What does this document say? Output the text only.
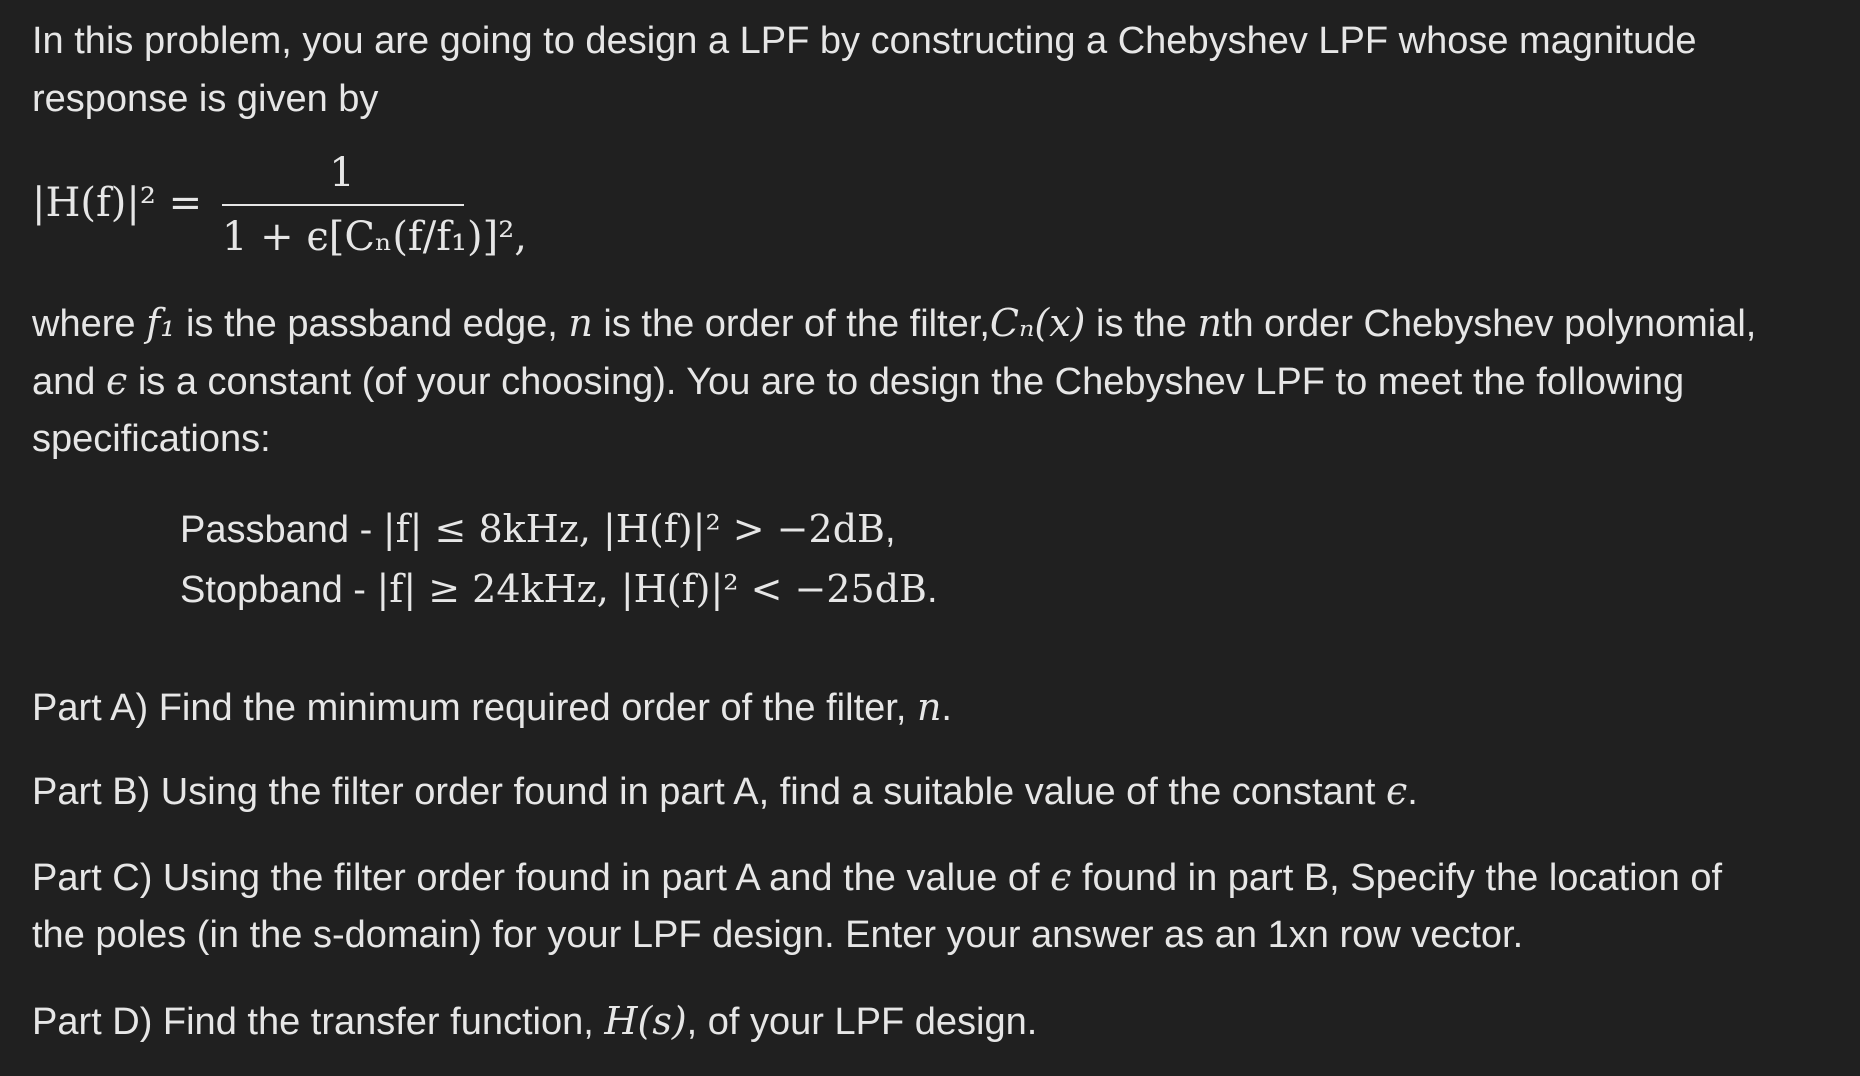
In this problem, you are going to design a LPF by constructing a Chebyshev LPF whose magnitude
response is given by
|H(f)|² =
1
1 + ϵ[Cₙ(f/f₁)]²,
where f₁ is the passband edge, n is the order of the filter,Cₙ(x) is the nth order Chebyshev polynomial,
and ϵ is a constant (of your choosing). You are to design the Chebyshev LPF to meet the following
specifications:
Passband - |f| ≤ 8kHz, |H(f)|² > −2dB,
Stopband - |f| ≥ 24kHz, |H(f)|² < −25dB.
Part A) Find the minimum required order of the filter, n.
Part B) Using the filter order found in part A, find a suitable value of the constant ϵ.
Part C) Using the filter order found in part A and the value of ϵ found in part B, Specify the location of
the poles (in the s-domain) for your LPF design. Enter your answer as an 1xn row vector.
Part D) Find the transfer function, H(s), of your LPF design.
